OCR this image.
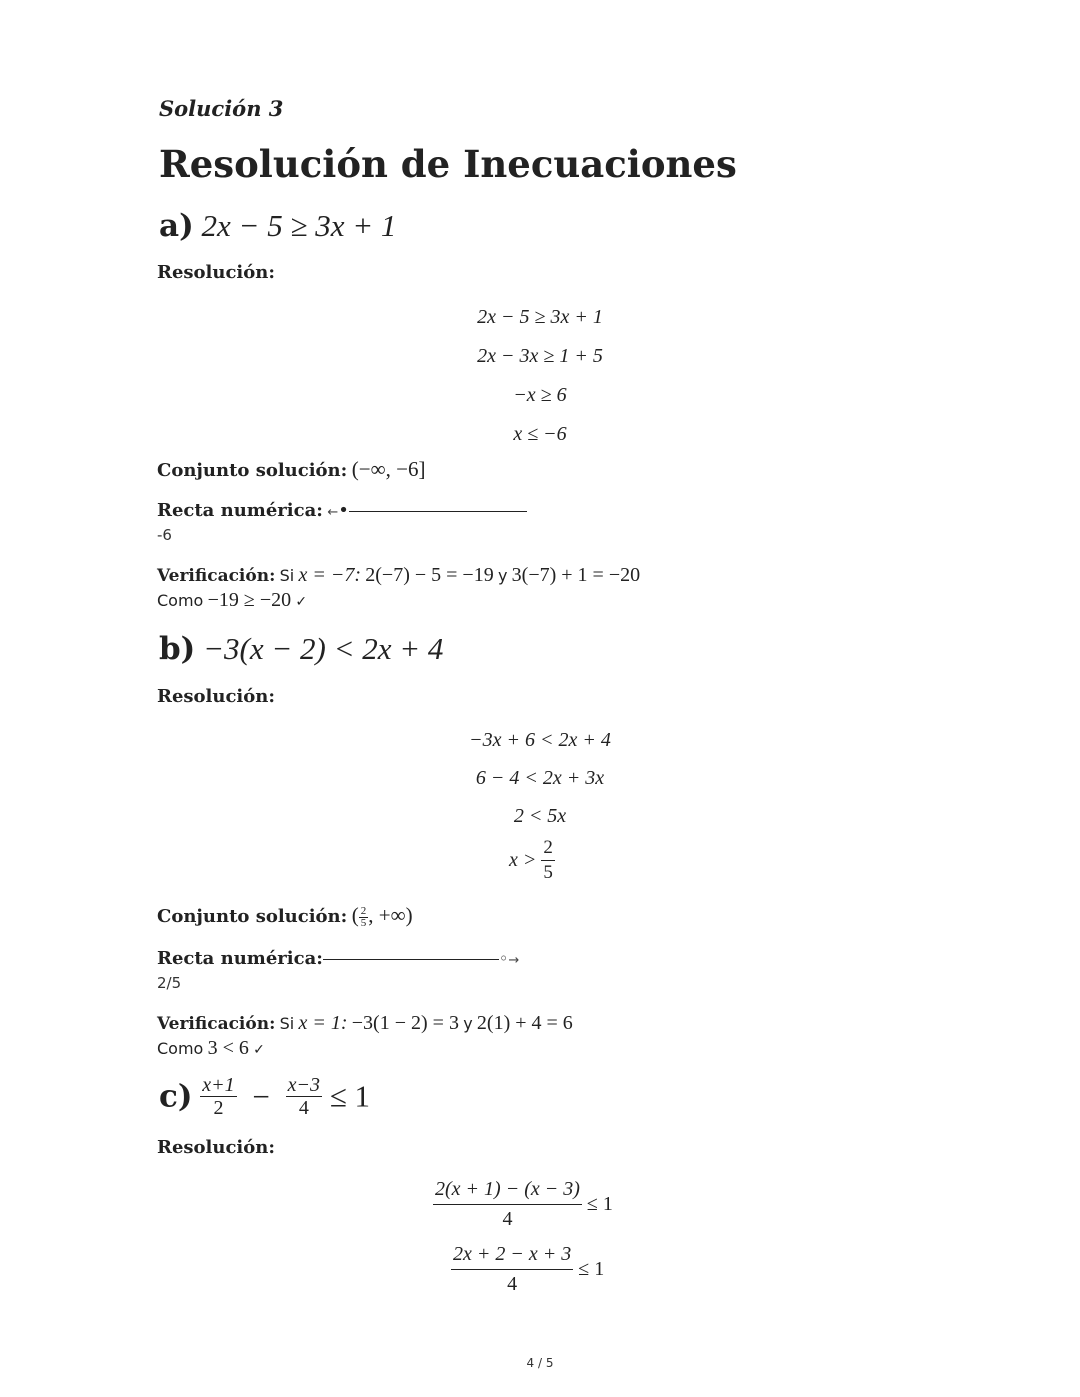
Solución 3
Resolución de Inecuaciones
a) 2x − 5 ≥ 3x + 1
Resolución:
2x − 5 ≥ 3x + 1
2x − 3x ≥ 1 + 5
−x ≥ 6
x ≤ −6
Conjunto solución: (−∞, −6]
Recta numérica: ←•
-6
Verificación: Si x = −7: 2(−7) − 5 = −19 y 3(−7) + 1 = −20
Como −19 ≥ −20 ✓
b) −3(x − 2) < 2x + 4
Resolución:
−3x + 6 < 2x + 4
6 − 4 < 2x + 3x
2 < 5x
$x > \frac{2}{5}$
Conjunto solución: ( $\frac{2}{5}$ , +∞)
Recta numérica:	◦→
2/5
Verificación: Si x = 1: −3(1 − 2) = 3 y 2(1) + 4 = 6
Como 3 < 6 ✓
$c) \frac{x+1}{2} - \frac{x-3}{4} \le 1$
Resolución:
$\frac{2(x + 1) - (x - 3)}{4} \le 1$
$\frac{2x + 2 - x + 3}{4} \le 1$
4 / 5
